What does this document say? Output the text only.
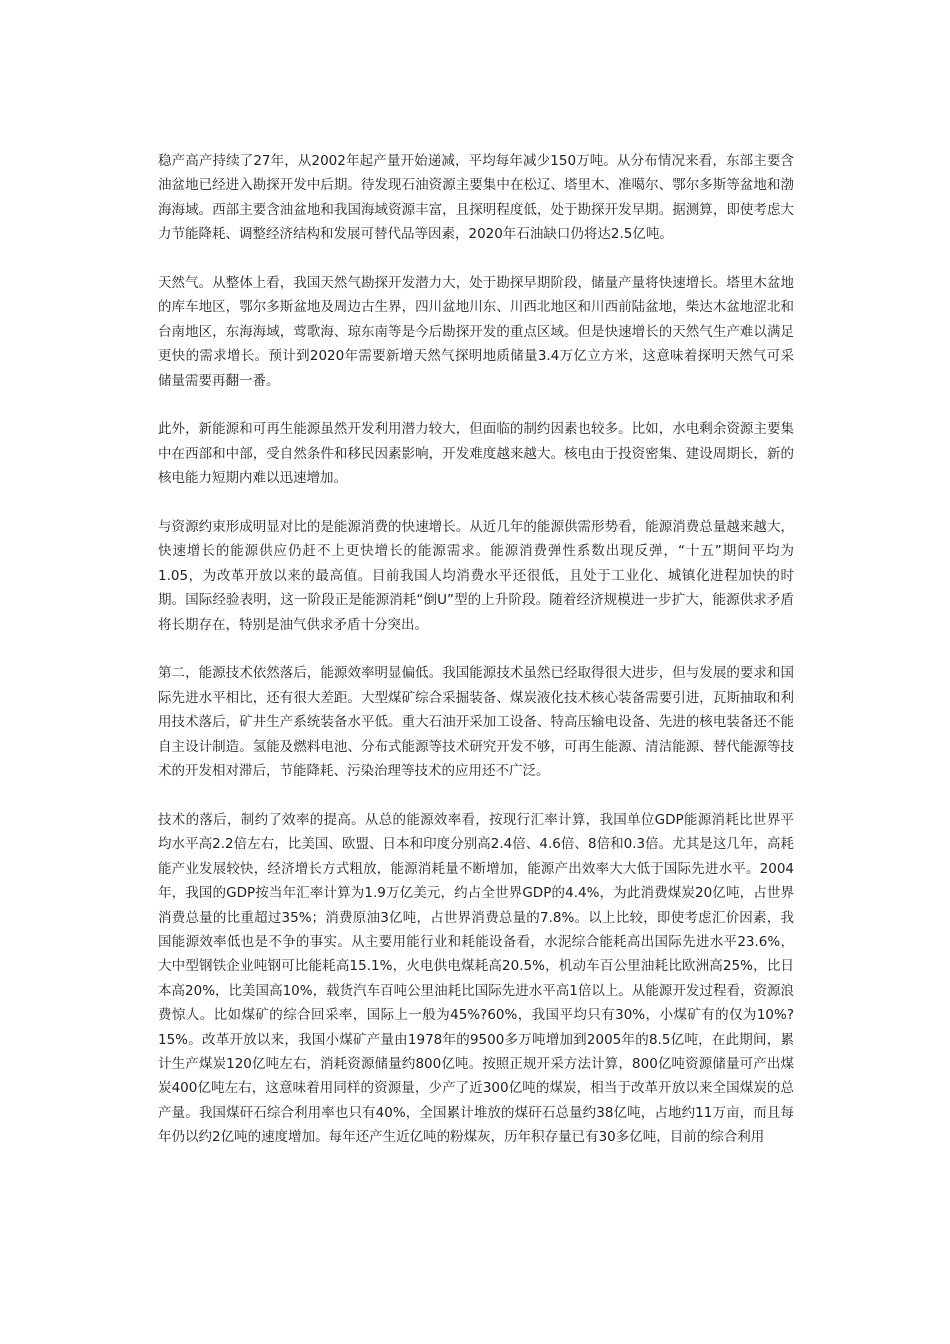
稳产高产持续了27年，从2002年起产量开始递减，平均每年减少150万吨。从分布情况来看，东部主要含油盆地已经进入勘探开发中后期。待发现石油资源主要集中在松辽、塔里木、准噶尔、鄂尔多斯等盆地和渤海海域。西部主要含油盆地和我国海域资源丰富，且探明程度低，处于勘探开发早期。据测算，即使考虑大力节能降耗、调整经济结构和发展可替代品等因素，2020年石油缺口仍将达2.5亿吨。

天然气。从整体上看，我国天然气勘探开发潜力大，处于勘探早期阶段，储量产量将快速增长。塔里木盆地的库车地区，鄂尔多斯盆地及周边古生界，四川盆地川东、川西北地区和川西前陆盆地，柴达木盆地涩北和台南地区，东海海域，莺歌海、琼东南等是今后勘探开发的重点区域。但是快速增长的天然气生产难以满足更快的需求增长。预计到2020年需要新增天然气探明地质储量3.4万亿立方米，这意味着探明天然气可采储量需要再翻一番。

此外，新能源和可再生能源虽然开发利用潜力较大，但面临的制约因素也较多。比如，水电剩余资源主要集中在西部和中部，受自然条件和移民因素影响，开发难度越来越大。核电由于投资密集、建设周期长，新的核电能力短期内难以迅速增加。

与资源约束形成明显对比的是能源消费的快速增长。从近几年的能源供需形势看，能源消费总量越来越大，快速增长的能源供应仍赶不上更快增长的能源需求。能源消费弹性系数出现反弹，“十五”期间平均为1.05，为改革开放以来的最高值。目前我国人均消费水平还很低，且处于工业化、城镇化进程加快的时期。国际经验表明，这一阶段正是能源消耗“倒U”型的上升阶段。随着经济规模进一步扩大，能源供求矛盾将长期存在，特别是油气供求矛盾十分突出。

第二，能源技术依然落后，能源效率明显偏低。我国能源技术虽然已经取得很大进步，但与发展的要求和国际先进水平相比，还有很大差距。大型煤矿综合采掘装备、煤炭液化技术核心装备需要引进，瓦斯抽取和利用技术落后，矿井生产系统装备水平低。重大石油开采加工设备、特高压输电设备、先进的核电装备还不能自主设计制造。氢能及燃料电池、分布式能源等技术研究开发不够，可再生能源、清洁能源、替代能源等技术的开发相对滞后，节能降耗、污染治理等技术的应用还不广泛。

技术的落后，制约了效率的提高。从总的能源效率看，按现行汇率计算，我国单位GDP能源消耗比世界平均水平高2.2倍左右，比美国、欧盟、日本和印度分别高2.4倍、4.6倍、8倍和0.3倍。尤其是这几年，高耗能产业发展较快，经济增长方式粗放，能源消耗量不断增加，能源产出效率大大低于国际先进水平。2004年，我国的GDP按当年汇率计算为1.9万亿美元，约占全世界GDP的4.4%，为此消费煤炭20亿吨，占世界消费总量的比重超过35%；消费原油3亿吨，占世界消费总量的7.8%。以上比较，即使考虑汇价因素，我国能源效率低也是不争的事实。从主要用能行业和耗能设备看，水泥综合能耗高出国际先进水平23.6%，大中型钢铁企业吨钢可比能耗高15.1%，火电供电煤耗高20.5%，机动车百公里油耗比欧洲高25%，比日本高20%，比美国高10%，载货汽车百吨公里油耗比国际先进水平高1倍以上。从能源开发过程看，资源浪费惊人。比如煤矿的综合回采率，国际上一般为45%?60%，我国平均只有30%，小煤矿有的仅为10%?15%。改革开放以来，我国小煤矿产量由1978年的9500多万吨增加到2005年的8.5亿吨，在此期间，累计生产煤炭120亿吨左右，消耗资源储量约800亿吨。按照正规开采方法计算，800亿吨资源储量可产出煤炭400亿吨左右，这意味着用同样的资源量，少产了近300亿吨的煤炭，相当于改革开放以来全国煤炭的总产量。我国煤矸石综合利用率也只有40%，全国累计堆放的煤矸石总量约38亿吨，占地约11万亩，而且每年仍以约2亿吨的速度增加。每年还产生近亿吨的粉煤灰，历年积存量已有30多亿吨，目前的综合利用
